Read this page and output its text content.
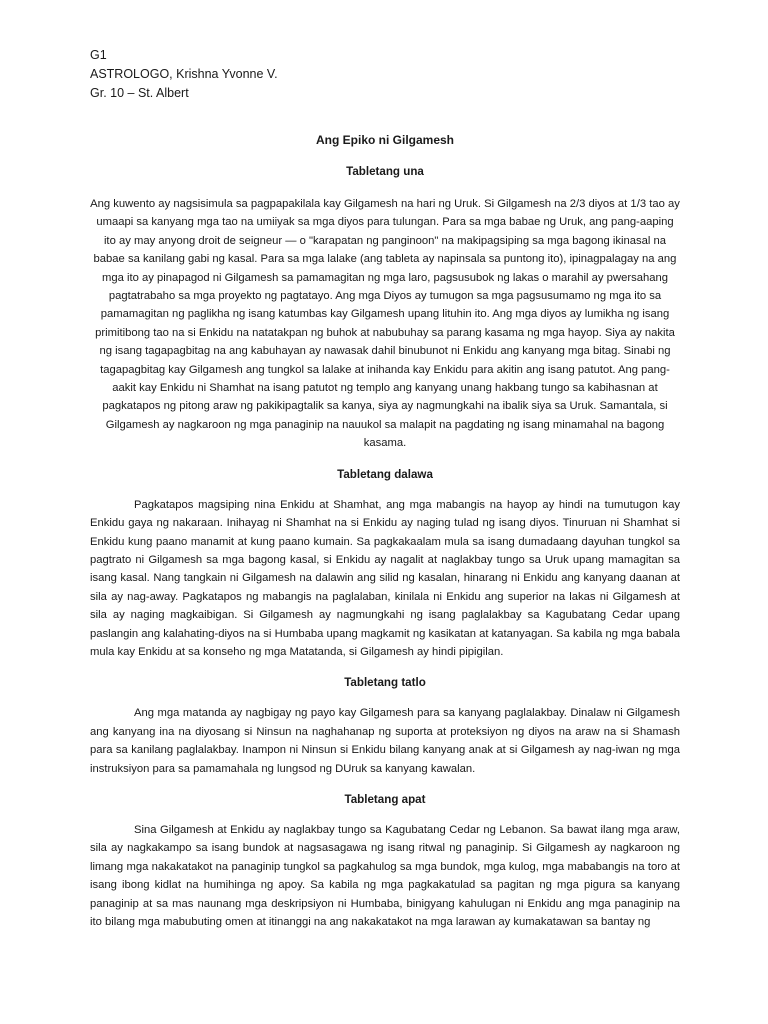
G1

ASTROLOGO, Krishna Yvonne V.

Gr. 10 – St. Albert

Ang Epiko ni Gilgamesh
Tabletang una

Ang kuwento ay nagsisimula sa pagpapakilala kay Gilgamesh na hari ng Uruk. Si Gilgamesh na 2/3 diyos at 1/3 tao ay umaapi sa kanyang mga tao na umiiyak sa mga diyos para tulungan. Para sa mga babae ng Uruk, ang pang-aaping ito ay may anyong droit de seigneur — o "karapatan ng panginoon" na makipagsiping sa mga bagong ikinasal na babae sa kanilang gabi ng kasal. Para sa mga lalake (ang tableta ay napinsala sa puntong ito), ipinagpalagay na ang mga ito ay pinapagod ni Gilgamesh sa pamamagitan ng mga laro, pagsusubok ng lakas o marahil ay pwersahang pagtatrabaho sa mga proyekto ng pagtatayo. Ang mga Diyos ay tumugon sa mga pagsusumamo ng mga ito sa pamamagitan ng paglikha ng isang katumbas kay Gilgamesh upang lituhin ito. Ang mga diyos ay lumikha ng isang primitibong tao na si Enkidu na natatakpan ng buhok at nabubuhay sa parang kasama ng mga hayop. Siya ay nakita ng isang tagapagbitag na ang kabuhayan ay nawasak dahil binubunot ni Enkidu ang kanyang mga bitag. Sinabi ng tagapagbitag kay Gilgamesh ang tungkol sa lalake at inihanda kay Enkidu para akitin ang isang patutot. Ang pang-aakit kay Enkidu ni Shamhat na isang patutot ng templo ang kanyang unang hakbang tungo sa kabihasnan at pagkatapos ng pitong araw ng pakikipagtalik sa kanya, siya ay nagmungkahi na ibalik siya sa Uruk. Samantala, si Gilgamesh ay nagkaroon ng mga panaginip na nauukol sa malapit na pagdating ng isang minamahal na bagong kasama.

Tabletang dalawa

Pagkatapos magsiping nina Enkidu at Shamhat, ang mga mabangis na hayop ay hindi na tumutugon kay Enkidu gaya ng nakaraan. Inihayag ni Shamhat na si Enkidu ay naging tulad ng isang diyos. Tinuruan ni Shamhat si Enkidu kung paano manamit at kung paano kumain. Sa pagkakaalam mula sa isang dumadaang dayuhan tungkol sa pagtrato ni Gilgamesh sa mga bagong kasal, si Enkidu ay nagalit at naglakbay tungo sa Uruk upang mamagitan sa isang kasal. Nang tangkain ni Gilgamesh na dalawin ang silid ng kasalan, hinarang ni Enkidu ang kanyang daanan at sila ay nag-away. Pagkatapos ng mabangis na paglalaban, kinilala ni Enkidu ang superior na lakas ni Gilgamesh at sila ay naging magkaibigan. Si Gilgamesh ay nagmungkahi ng isang paglalakbay sa Kagubatang Cedar upang paslangin ang kalahating-diyos na si Humbaba upang magkamit ng kasikatan at katanyagan. Sa kabila ng mga babala mula kay Enkidu at sa konseho ng mga Matatanda, si Gilgamesh ay hindi pipigilan.

Tabletang tatlo

Ang mga matanda ay nagbigay ng payo kay Gilgamesh para sa kanyang paglalakbay. Dinalaw ni Gilgamesh ang kanyang ina na diyosang si Ninsun na naghahanap ng suporta at proteksiyon ng diyos na araw na si Shamash para sa kanilang paglalakbay. Inampon ni Ninsun si Enkidu bilang kanyang anak at si Gilgamesh ay nag-iwan ng mga instruksiyon para sa pamamahala ng lungsod ng DUruk sa kanyang kawalan.

Tabletang apat

Sina Gilgamesh at Enkidu ay naglakbay tungo sa Kagubatang Cedar ng Lebanon. Sa bawat ilang mga araw, sila ay nagkakampo sa isang bundok at nagsasagawa ng isang ritwal ng panaginip. Si Gilgamesh ay nagkaroon ng limang mga nakakatakot na panaginip tungkol sa pagkahulog sa mga bundok, mga kulog, mga mababangis na toro at isang ibong kidlat na humihinga ng apoy. Sa kabila ng mga pagkakatulad sa pagitan ng mga pigura sa kanyang panaginip at sa mas naunang mga deskripsiyon ni Humbaba, binigyang kahulugan ni Enkidu ang mga panaginip na ito bilang mga mabubuting omen at itinanggi na ang nakakatakot na mga larawan ay kumakatawan sa bantay ng
